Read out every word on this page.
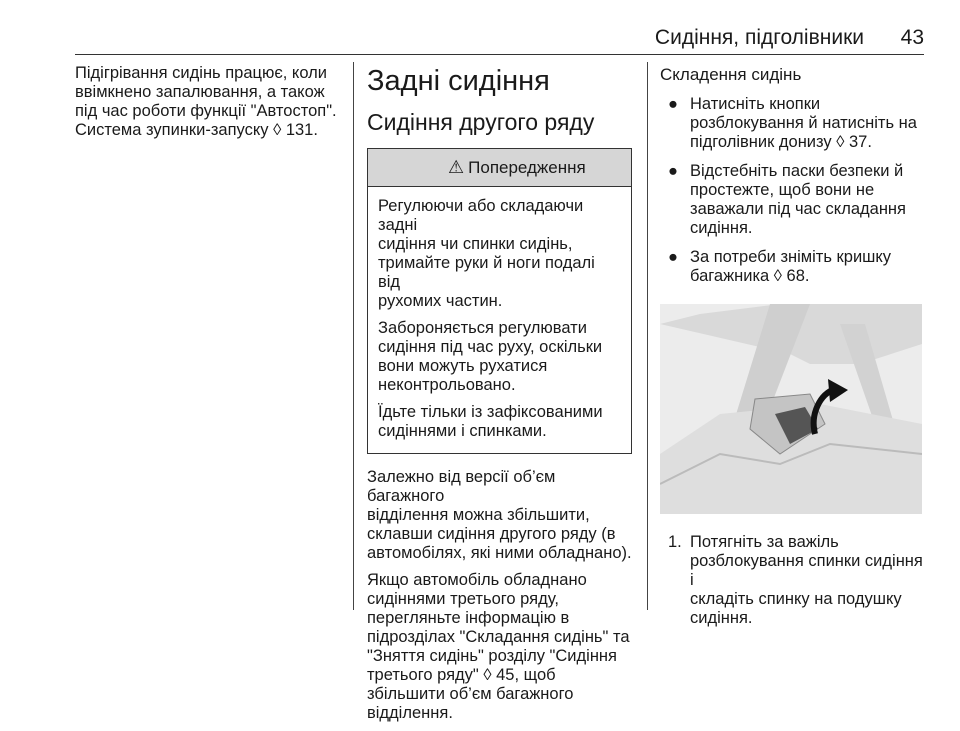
Сидіння, підголівники 43

Підігрівання сидінь працює, коли
ввімкнено запалювання, а також
під час роботи функції "Автостоп".
Система зупинки-запуску ◊ 131.

Задні сидіння
Сидіння другого ряду
⚠ Попередження

Регулюючи або складаючи задні
сидіння чи спинки сидінь,
тримайте руки й ноги подалі від
рухомих частин.

Забороняється регулювати
сидіння під час руху, оскільки
вони можуть рухатися
неконтрольовано.

Їдьте тільки із зафіксованими
сидіннями і спинками.

Залежно від версії об’єм багажного
відділення можна збільшити,
склавши сидіння другого ряду (в
автомобілях, які ними обладнано).

Якщо автомобіль обладнано
сидіннями третього ряду,
перегляньте інформацію в
підрозділах "Складання сидінь" та
"Зняття сидінь" розділу "Сидіння
третього ряду" ◊ 45, щоб
збільшити об’єм багажного
відділення.

Складення сидінь
● Натисніть кнопки
розблокування й натисніть на
підголівник донизу ◊ 37.
● Відстебніть паски безпеки й
простежте, щоб вони не
заважали під час складання
сидіння.
● За потреби зніміть кришку
багажника ◊ 68.
1. Потягніть за важіль
розблокування спинки сидіння і
складіть спинку на подушку
сидіння.
